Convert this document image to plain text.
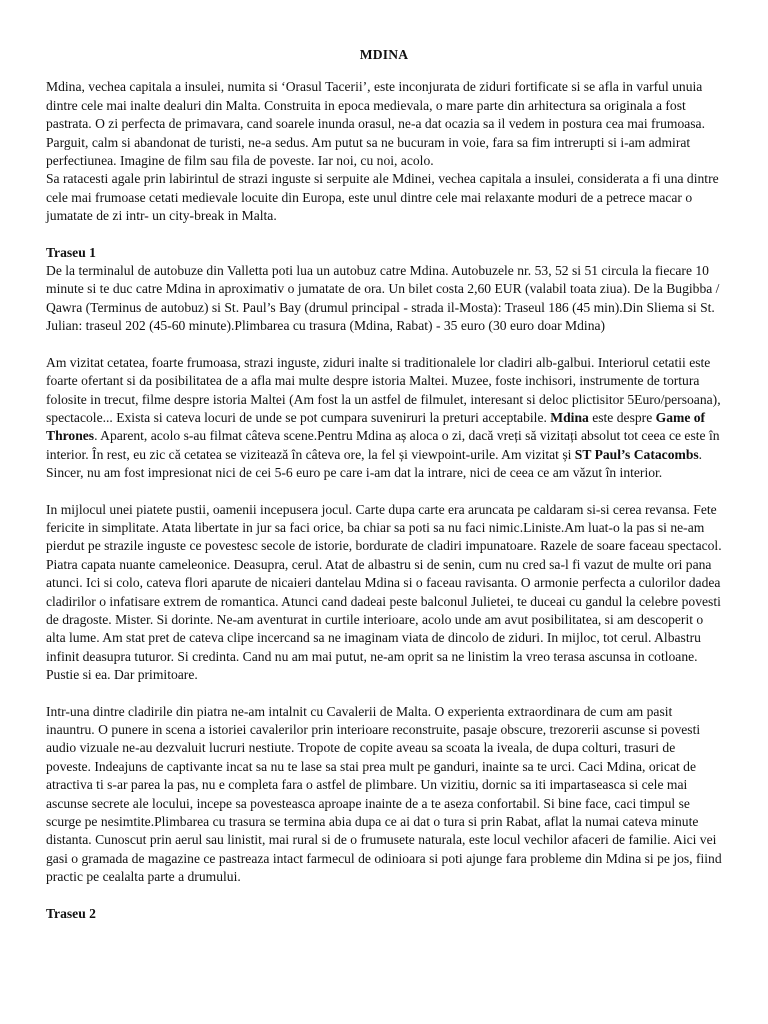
MDINA

Mdina, vechea capitala a insulei, numita si ‘Orasul Tacerii’, este inconjurata de ziduri fortificate si se afla in varful unuia dintre cele mai inalte dealuri din Malta. Construita in epoca medievala, o mare parte din arhitectura sa originala a fost pastrata. O zi perfecta de primavara, cand soarele inunda orasul, ne-a dat ocazia sa il vedem in postura cea mai frumoasa. Parguit, calm si abandonat de turisti, ne-a sedus. Am putut sa ne bucuram in voie, fara sa fim intrerupti si i-am admirat perfectiunea. Imagine de film sau fila de poveste. Iar noi, cu noi, acolo.

Sa ratacesti agale prin labirintul de strazi inguste si serpuite ale Mdinei, vechea capitala a insulei, considerata a fi una dintre cele mai frumoase cetati medievale locuite din Europa, este unul dintre cele mai relaxante moduri de a petrece macar o jumatate de zi intr- un city-break in Malta.

Traseu 1

De la terminalul de autobuze din Valletta poti lua un autobuz catre Mdina. Autobuzele nr. 53, 52 si 51 circula la fiecare 10 minute si te duc catre Mdina in aproximativ o jumatate de ora. Un bilet costa 2,60 EUR (valabil toata ziua). De la Bugibba / Qawra (Terminus de autobuz) si St. Paul’s Bay (drumul principal - strada il-Mosta): Traseul 186 (45 min).Din Sliema si St. Julian: traseul 202 (45-60 minute).Plimbarea cu trasura (Mdina, Rabat) - 35 euro (30 euro doar Mdina)

Am vizitat cetatea, foarte frumoasa, strazi inguste, ziduri inalte si traditionalele lor cladiri alb-galbui. Interiorul cetatii este foarte ofertant si da posibilitatea de a afla mai multe despre istoria Maltei. Muzee, foste inchisori, instrumente de tortura folosite in trecut, filme despre istoria Maltei (Am fost la un astfel de filmulet, interesant si deloc plictisitor 5Euro/persoana), spectacole... Exista si cateva locuri de unde se pot cumpara suveniruri la preturi acceptabile. Mdina este despre Game of Thrones. Aparent, acolo s-au filmat câteva scene.Pentru Mdina aș aloca o zi, dacă vreți să vizitați absolut tot ceea ce este în interior. În rest, eu zic că cetatea se vizitează în câteva ore, la fel și viewpoint-urile. Am vizitat și ST Paul’s Catacombs. Sincer, nu am fost impresionat nici de cei 5-6 euro pe care i-am dat la intrare, nici de ceea ce am văzut în interior.

In mijlocul unei piatete pustii, oamenii incepusera jocul. Carte dupa carte era aruncata pe caldaram si-si cerea revansa. Fete fericite in simplitate. Atata libertate in jur sa faci orice, ba chiar sa poti sa nu faci nimic.Liniste.Am luat-o la pas si ne-am pierdut pe strazile inguste ce povestesc secole de istorie, bordurate de cladiri impunatoare. Razele de soare faceau spectacol. Piatra capata nuante cameleonice. Deasupra, cerul. Atat de albastru si de senin, cum nu cred sa-l fi vazut de multe ori pana atunci. Ici si colo, cateva flori aparute de nicaieri dantelau Mdina si o faceau ravisanta. O armonie perfecta a culorilor dadea cladirilor o infatisare extrem de romantica. Atunci cand dadeai peste balconul Julietei, te duceai cu gandul la celebre povesti de dragoste. Mister. Si dorinte. Ne-am aventurat in curtile interioare, acolo unde am avut posibilitatea, si am descoperit o alta lume. Am stat pret de cateva clipe incercand sa ne imaginam viata de dincolo de ziduri. In mijloc, tot cerul. Albastru infinit deasupra tuturor. Si credinta. Cand nu am mai putut, ne-am oprit sa ne linistim la vreo terasa ascunsa in cotloane. Pustie si ea. Dar primitoare.

Intr-una dintre cladirile din piatra ne-am intalnit cu Cavalerii de Malta. O experienta extraordinara de cum am pasit inauntru. O punere in scena a istoriei cavalerilor prin interioare reconstruite, pasaje obscure, trezorerii ascunse si povesti audio vizuale ne-au dezvaluit lucruri nestiute. Tropote de copite aveau sa scoata la iveala, de dupa colturi, trasuri de poveste. Indeajuns de captivante incat sa nu te lase sa stai prea mult pe ganduri, inainte sa te urci. Caci Mdina, oricat de atractiva ti s-ar parea la pas, nu e completa fara o astfel de plimbare. Un vizitiu, dornic sa iti impartaseasca si cele mai ascunse secrete ale locului, incepe sa povesteasca aproape inainte de a te aseza confortabil. Si bine face, caci timpul se scurge pe nesimtite.Plimbarea cu trasura se termina abia dupa ce ai dat o tura si prin Rabat, aflat la numai cateva minute distanta. Cunoscut prin aerul sau linistit, mai rural si de o frumusete naturala, este locul vechilor afaceri de familie. Aici vei gasi o gramada de magazine ce pastreaza intact farmecul de odinioara si poti ajunge fara probleme din Mdina si pe jos, fiind practic pe cealalta parte a drumului.

Traseu 2
